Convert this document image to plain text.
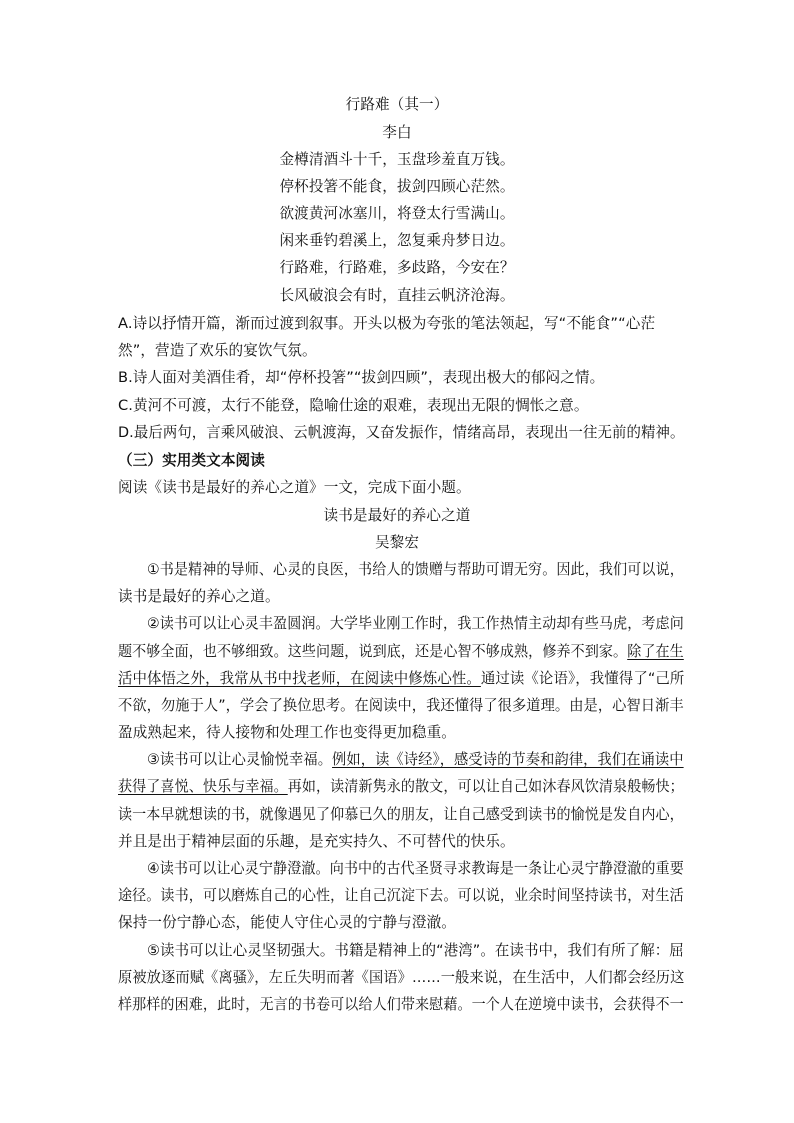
行路难（其一）
李白
金樽清酒斗十千，玉盘珍羞直万钱。
停杯投箸不能食，拔剑四顾心茫然。
欲渡黄河冰塞川，将登太行雪满山。
闲来垂钓碧溪上，忽复乘舟梦日边。
行路难，行路难，多歧路，今安在？
长风破浪会有时，直挂云帆济沧海。
A.诗以抒情开篇，渐而过渡到叙事。开头以极为夸张的笔法领起，写“不能食”“心茫
然”，营造了欢乐的宴饮气氛。
B.诗人面对美酒佳肴，却“停杯投箸”“拔剑四顾”，表现出极大的郁闷之情。
C.黄河不可渡，太行不能登，隐喻仕途的艰难，表现出无限的惆怅之意。
D.最后两句，言乘风破浪、云帆渡海，又奋发振作，情绪高昂，表现出一往无前的精神。
（三）实用类文本阅读
阅读《读书是最好的养心之道》一文，完成下面小题。
读书是最好的养心之道
吴黎宏
①书是精神的导师、心灵的良医，书给人的馈赠与帮助可谓无穷。因此，我们可以说，
读书是最好的养心之道。
②读书可以让心灵丰盈圆润。大学毕业刚工作时，我工作热情主动却有些马虎，考虑问
题不够全面，也不够细致。这些问题，说到底，还是心智不够成熟，修养不到家。除了在生
活中体悟之外，我常从书中找老师，在阅读中修炼心性。通过读《论语》，我懂得了“己所
不欲，勿施于人”，学会了换位思考。在阅读中，我还懂得了很多道理。由是，心智日渐丰
盈成熟起来，待人接物和处理工作也变得更加稳重。
③读书可以让心灵愉悦幸福。例如，读《诗经》，感受诗的节奏和韵律，我们在诵读中
获得了喜悦、快乐与幸福。再如，读清新隽永的散文，可以让自己如沐春风饮清泉般畅快；
读一本早就想读的书，就像遇见了仰慕已久的朋友，让自己感受到读书的愉悦是发自内心，
并且是出于精神层面的乐趣，是充实持久、不可替代的快乐。
④读书可以让心灵宁静澄澈。向书中的古代圣贤寻求教诲是一条让心灵宁静澄澈的重要
途径。读书，可以磨炼自己的心性，让自己沉淀下去。可以说，业余时间坚持读书，对生活
保持一份宁静心态，能使人守住心灵的宁静与澄澈。
⑤读书可以让心灵坚韧强大。书籍是精神上的“港湾”。在读书中，我们有所了解：屈
原被放逐而赋《离骚》，左丘失明而著《国语》……一般来说，在生活中，人们都会经历这
样那样的困难，此时，无言的书卷可以给人们带来慰藉。一个人在逆境中读书，会获得不一
